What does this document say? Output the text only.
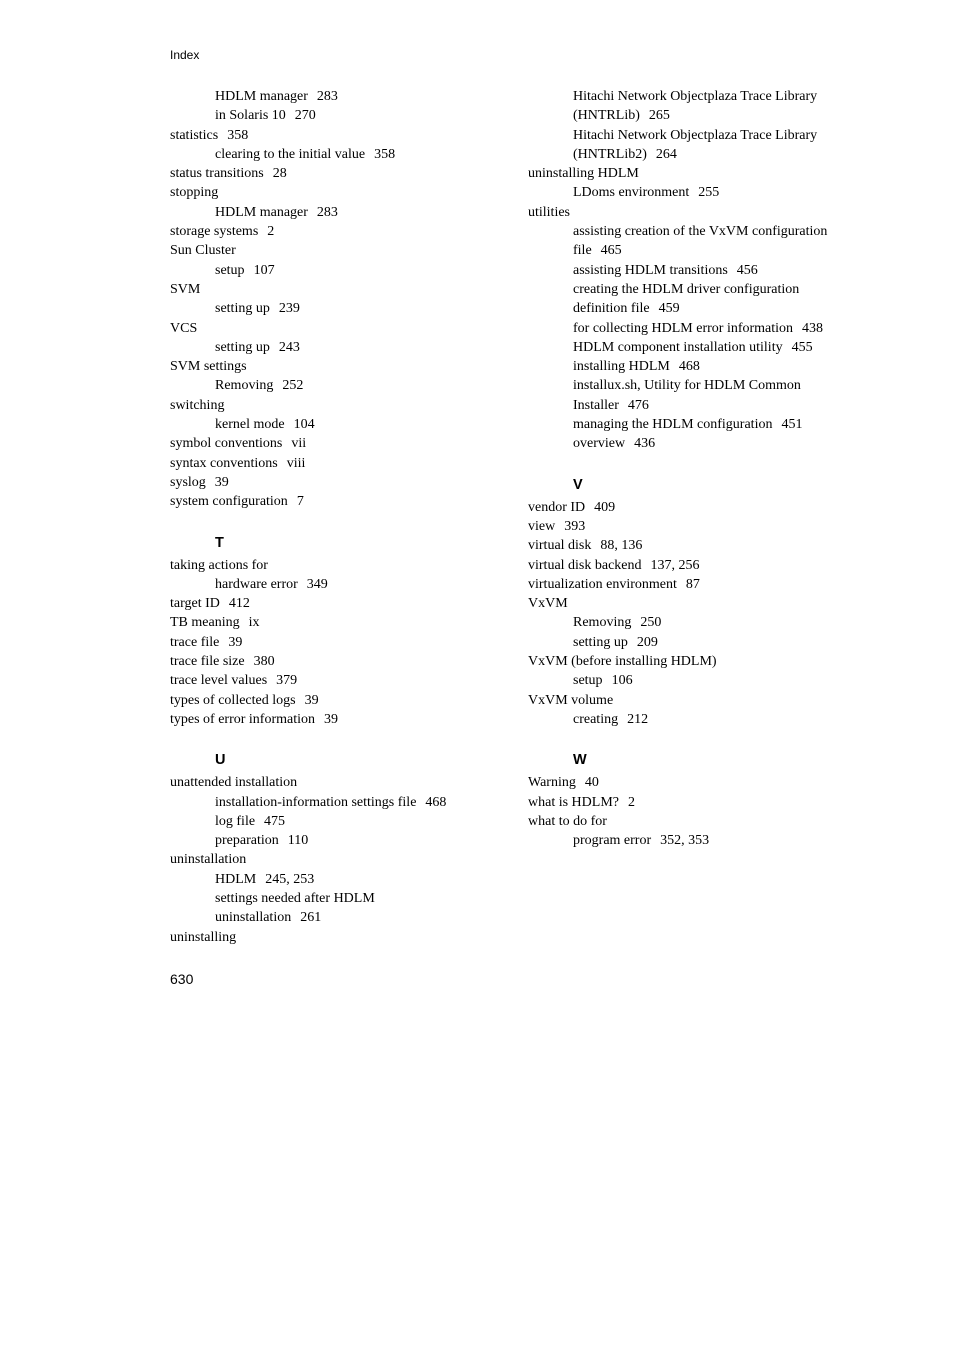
Index
HDLM manager 283
in Solaris 10 270
statistics 358
clearing to the initial value 358
status transitions 28
stopping
HDLM manager 283
storage systems 2
Sun Cluster
setup 107
SVM
setting up 239
VCS
setting up 243
SVM settings
Removing 252
switching
kernel mode 104
symbol conventions vii
syntax conventions viii
syslog 39
system configuration 7
T
taking actions for
hardware error 349
target ID 412
TB meaning ix
trace file 39
trace file size 380
trace level values 379
types of collected logs 39
types of error information 39
U
unattended installation
installation-information settings file 468
log file 475
preparation 110
uninstallation
HDLM 245, 253
settings needed after HDLM
uninstallation 261
uninstalling
Hitachi Network Objectplaza Trace Library
(HNTRLib) 265
Hitachi Network Objectplaza Trace Library
(HNTRLib2) 264
uninstalling HDLM
LDoms environment 255
utilities
assisting creation of the VxVM configuration
file 465
assisting HDLM transitions 456
creating the HDLM driver configuration
definition file 459
for collecting HDLM error information 438
HDLM component installation utility 455
installing HDLM 468
installux.sh, Utility for HDLM Common
Installer 476
managing the HDLM configuration 451
overview 436
V
vendor ID 409
view 393
virtual disk 88, 136
virtual disk backend 137, 256
virtualization environment 87
VxVM
Removing 250
setting up 209
VxVM (before installing HDLM)
setup 106
VxVM volume
creating 212
W
Warning 40
what is HDLM? 2
what to do for
program error 352, 353
630
